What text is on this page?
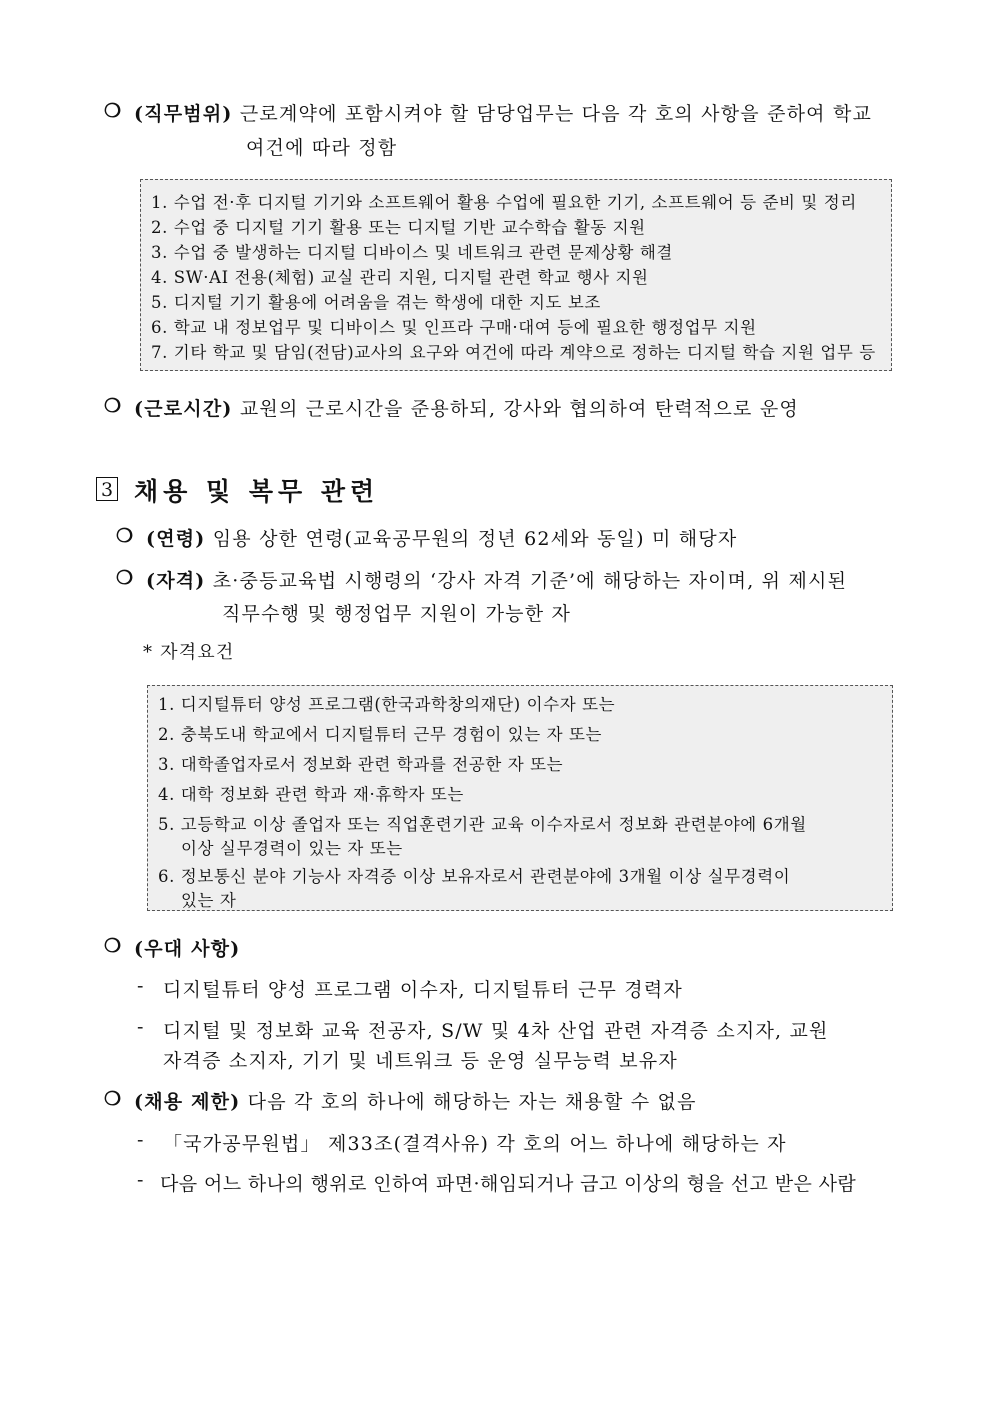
❍ (직무범위) 근로계약에 포함시켜야 할 담당업무는 다음 각 호의 사항을 준하여 학교
여건에 따라 정함
1. 수업 전·후 디지털 기기와 소프트웨어 활용 수업에 필요한 기기, 소프트웨어 등 준비 및 정리
2. 수업 중 디지털 기기 활용 또는 디지털 기반 교수학습 활동 지원
3. 수업 중 발생하는 디지털 디바이스 및 네트워크 관련 문제상황 해결
4. SW·AI 전용(체험) 교실 관리 지원, 디지털 관련 학교 행사 지원
5. 디지털 기기 활용에 어려움을 겪는 학생에 대한 지도 보조
6. 학교 내 정보업무 및 디바이스 및 인프라 구매·대여 등에 필요한 행정업무 지원
7. 기타 학교 및 담임(전담)교사의 요구와 여건에 따라 계약으로 정하는 디지털 학습 지원 업무 등
❍ (근로시간) 교원의 근로시간을 준용하되, 강사와 협의하여 탄력적으로 운영
3 채용 및 복무 관련
❍ (연령) 임용 상한 연령(교육공무원의 정년 62세와 동일) 미 해당자
❍ (자격) 초·중등교육법 시행령의 ‘강사 자격 기준’에 해당하는 자이며, 위 제시된
직무수행 및 행정업무 지원이 가능한 자
* 자격요건
1. 디지털튜터 양성 프로그램(한국과학창의재단) 이수자 또는
2. 충북도내 학교에서 디지털튜터 근무 경험이 있는 자 또는
3. 대학졸업자로서 정보화 관련 학과를 전공한 자 또는
4. 대학 정보화 관련 학과 재·휴학자 또는
5. 고등학교 이상 졸업자 또는 직업훈련기관 교육 이수자로서 정보화 관련분야에 6개월
이상 실무경력이 있는 자 또는
6. 정보통신 분야 기능사 자격증 이상 보유자로서 관련분야에 3개월 이상 실무경력이
있는 자
❍ (우대 사항)
- 디지털튜터 양성 프로그램 이수자, 디지털튜터 근무 경력자
- 디지털 및 정보화 교육 전공자, S/W 및 4차 산업 관련 자격증 소지자, 교원
자격증 소지자, 기기 및 네트워크 등 운영 실무능력 보유자
❍ (채용 제한) 다음 각 호의 하나에 해당하는 자는 채용할 수 없음
- 「국가공무원법」 제33조(결격사유) 각 호의 어느 하나에 해당하는 자
- 다음 어느 하나의 행위로 인하여 파면·해임되거나 금고 이상의 형을 선고 받은 사람
